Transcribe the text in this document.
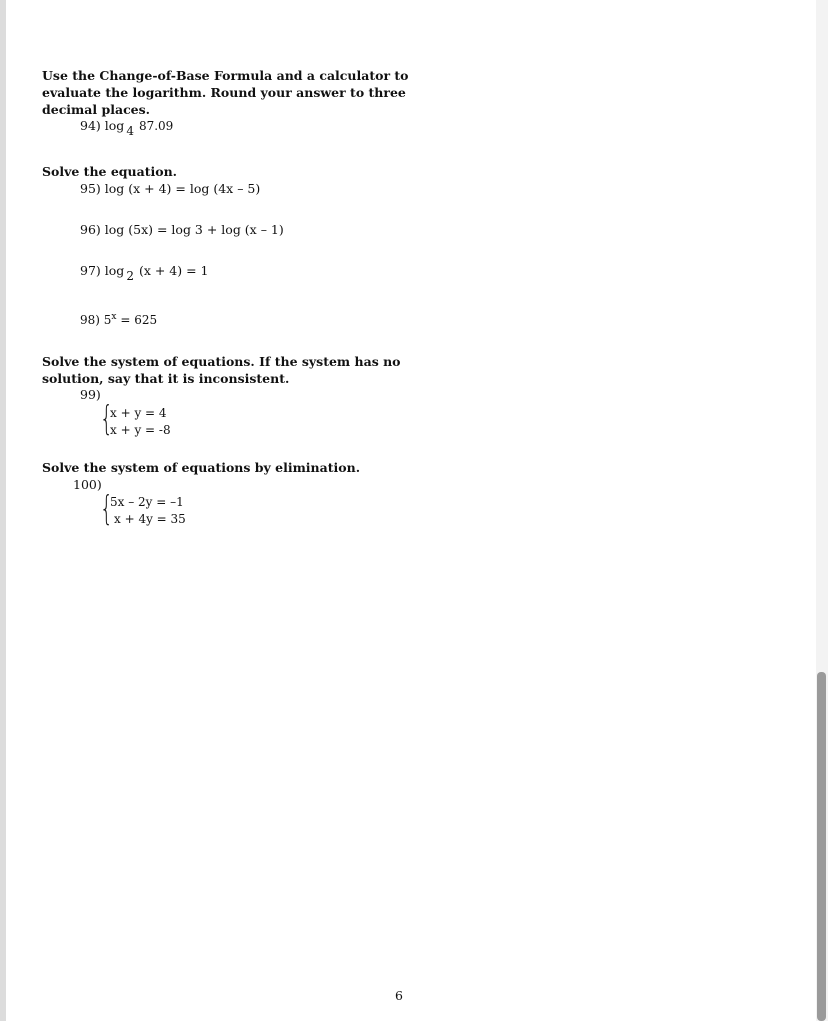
Use the Change-of-Base Formula and a calculator to
evaluate the logarithm. Round your answer to three
decimal places.
94) log 4 87.09
Solve the equation.
95) log (x + 4) = log (4x – 5)
96) log (5x) = log 3 + log (x – 1)
97) log 2 (x + 4) = 1
98) $5^x = 625$
Solve the system of equations. If the system has no
solution, say that it is inconsistent.
99)
{
x + y = 4
x + y = -8
Solve the system of equations by elimination.
100)
{
5x – 2y = –1
x + 4y = 35
6
